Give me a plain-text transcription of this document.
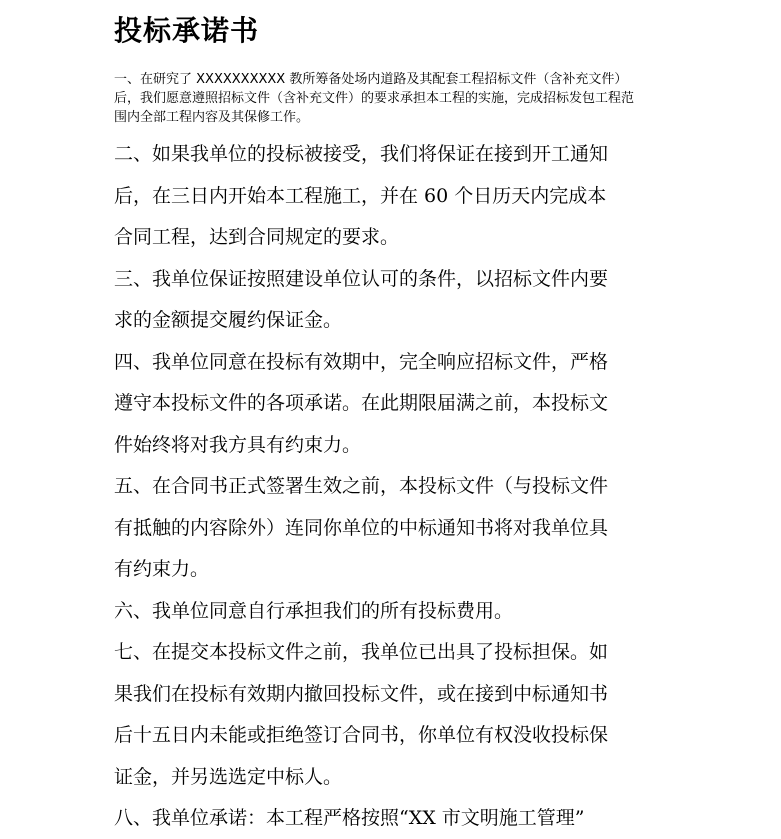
投标承诺书
一、在研究了 XXXXXXXXXX 教所筹备处场内道路及其配套工程招标文件（含补充文件）
后，我们愿意遵照招标文件（含补充文件）的要求承担本工程的实施，完成招标发包工程范
围内全部工程内容及其保修工作。
二、如果我单位的投标被接受，我们将保证在接到开工通知
后，在三日内开始本工程施工，并在 60 个日历天内完成本
合同工程，达到合同规定的要求。
三、我单位保证按照建设单位认可的条件，以招标文件内要
求的金额提交履约保证金。
四、我单位同意在投标有效期中，完全响应招标文件，严格
遵守本投标文件的各项承诺。在此期限届满之前，本投标文
件始终将对我方具有约束力。
五、在合同书正式签署生效之前，本投标文件（与投标文件
有抵触的内容除外）连同你单位的中标通知书将对我单位具
有约束力。
六、我单位同意自行承担我们的所有投标费用。
七、在提交本投标文件之前，我单位已出具了投标担保。如
果我们在投标有效期内撤回投标文件，或在接到中标通知书
后十五日内未能或拒绝签订合同书，你单位有权没收投标保
证金，并另选选定中标人。
八、我单位承诺：本工程严格按照“XX 市文明施工管理”
